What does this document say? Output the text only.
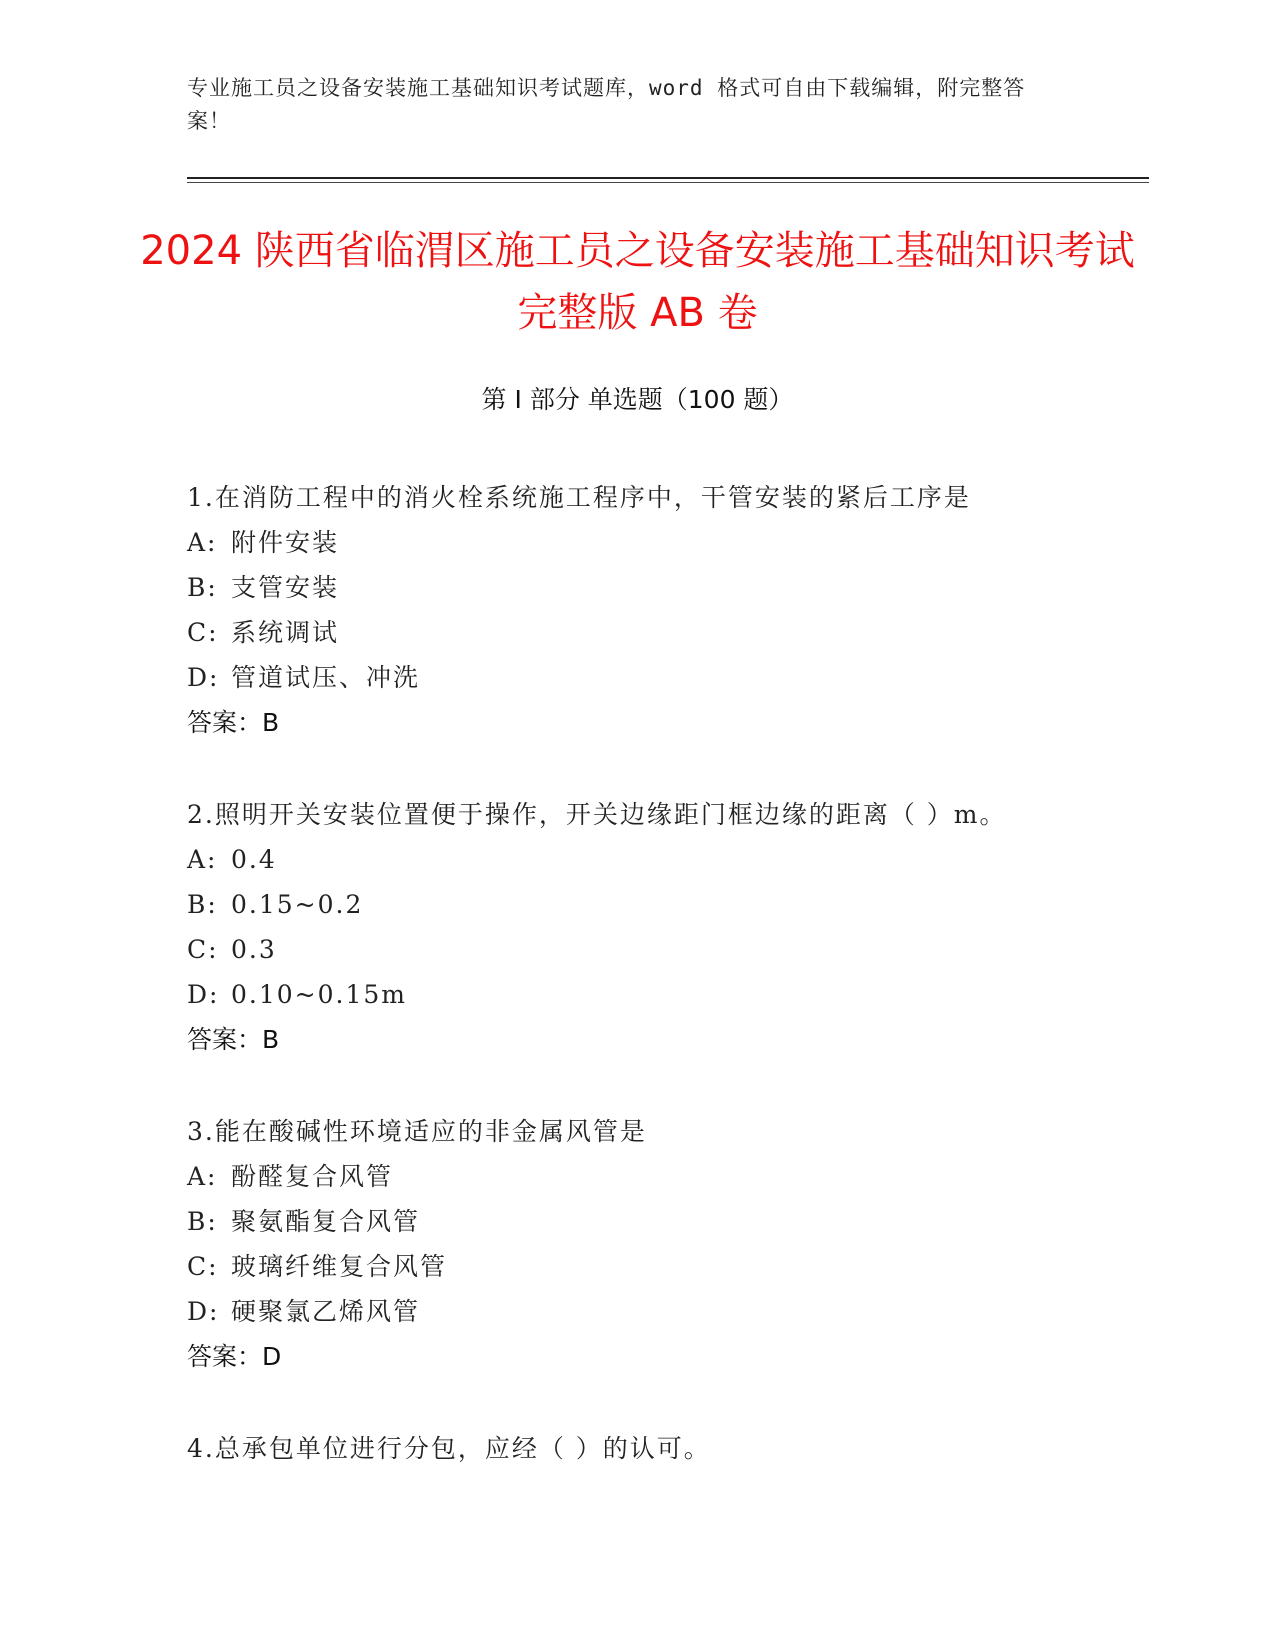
专业施工员之设备安装施工基础知识考试题库，word 格式可自由下载编辑，附完整答案！
2024 陕西省临渭区施工员之设备安装施工基础知识考试完整版 AB 卷
第 I 部分 单选题（100 题）
1.在消防工程中的消火栓系统施工程序中，干管安装的紧后工序是
A: 附件安装
B: 支管安装
C: 系统调试
D: 管道试压、冲洗
答案：B
2.照明开关安装位置便于操作，开关边缘距门框边缘的距离（ ）m。
A: 0.4
B: 0.15~0.2
C: 0.3
D: 0.10~0.15m
答案：B
3.能在酸碱性环境适应的非金属风管是
A: 酚醛复合风管
B: 聚氨酯复合风管
C: 玻璃纤维复合风管
D: 硬聚氯乙烯风管
答案：D
4.总承包单位进行分包，应经（ ）的认可。
